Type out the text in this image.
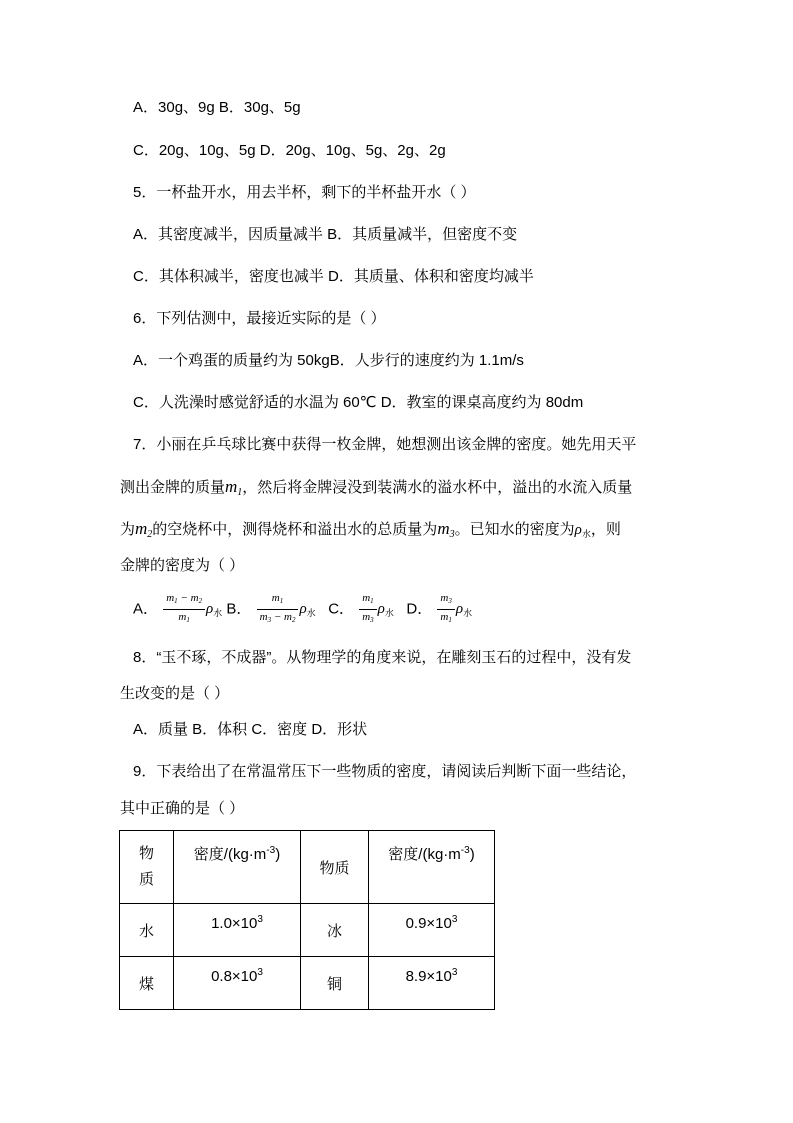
A．30g、9g B．30g、5g
C．20g、10g、5g D．20g、10g、5g、2g、2g
5．一杯盐开水，用去半杯，剩下的半杯盐开水（ ）
A．其密度减半，因质量减半 B．其质量减半，但密度不变
C．其体积减半，密度也减半 D．其质量、体积和密度均减半
6．下列估测中，最接近实际的是（ ）
A．一个鸡蛋的质量约为 50kgB．人步行的速度约为 1.1m/s
C．人洗澡时感觉舒适的水温为 60℃ D．教室的课桌高度约为 80dm
7．小丽在乒乓球比赛中获得一枚金牌，她想测出该金牌的密度。她先用天平
测出金牌的质量$m_1$，然后将金牌浸没到装满水的溢水杯中，溢出的水流入质量
为$m_2$的空烧杯中，测得烧杯和溢出水的总质量为$m_3$。已知水的密度为$\rho_水$，则
金牌的密度为（ ）
A． $\frac{m_1 - m_2}{m_1} \rho_水$ B． $\frac{m_1}{m_3 - m_2} \rho_水$ C． $\frac{m_1}{m_3} \rho_水$ D． $\frac{m_3}{m_1} \rho_水$
8．“玉不琢，不成器”。从物理学的角度来说，在雕刻玉石的过程中，没有发
生改变的是（ ）
A．质量 B．体积 C．密度 D．形状
9．下表给出了在常温常压下一些物质的密度，请阅读后判断下面一些结论，
其中正确的是（ ）
物
质	密度$/(kg\cdot m^{-3})$	物质	密度$/(kg\cdot m^{-3})$
水	$1.0\times 10^3$	冰	$0.9\times 10^3$
煤	$0.8\times 10^3$	铜	$8.9\times 10^3$
